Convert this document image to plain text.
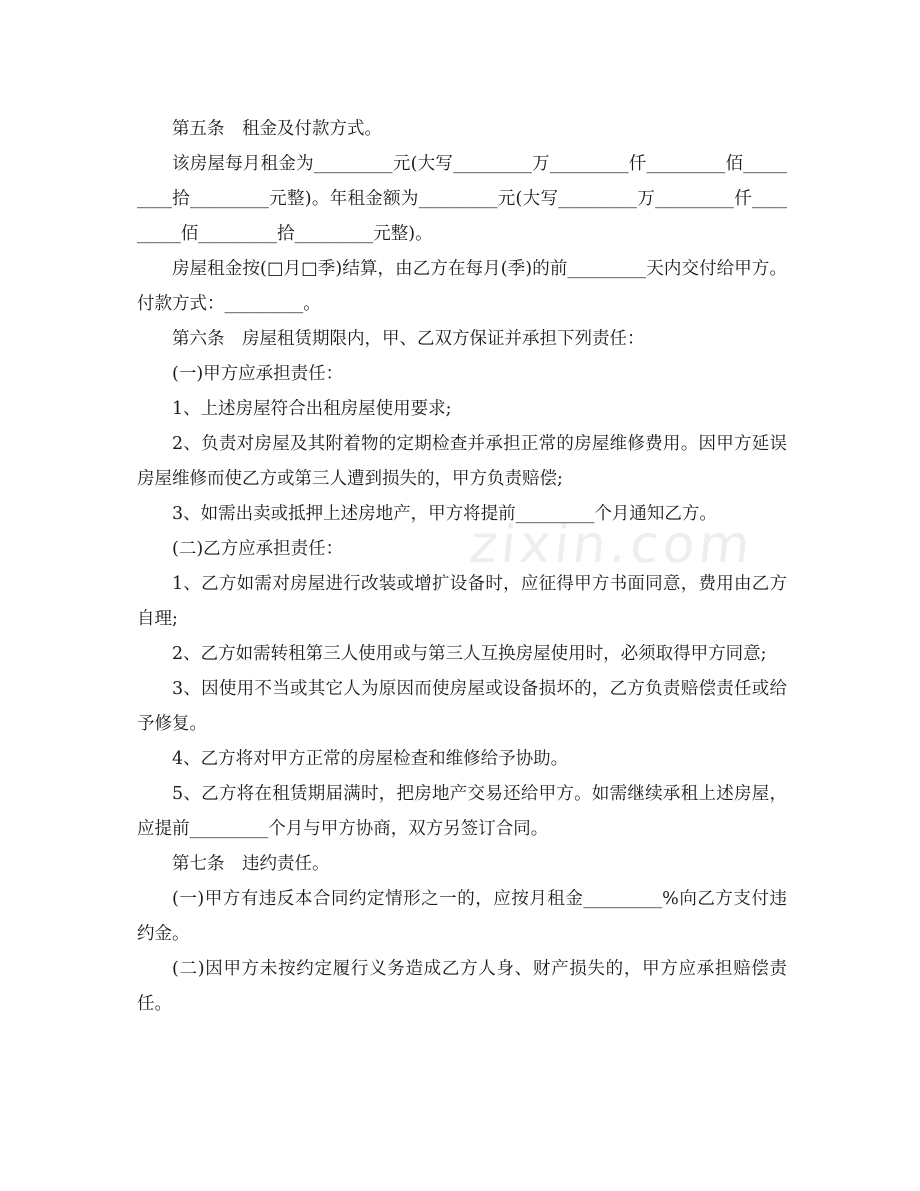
第五条　租金及付款方式。

该房屋每月租金为_________元(大写_________万_________仟_________佰_________拾_________元整)。年租金额为_________元(大写_________万_________仟_________佰_________拾_________元整)。

房屋租金按(□月□季)结算，由乙方在每月(季)的前_________天内交付给甲方。付款方式：_________。

第六条　房屋租赁期限内，甲、乙双方保证并承担下列责任：

(一)甲方应承担责任：

1、上述房屋符合出租房屋使用要求;

2、负责对房屋及其附着物的定期检查并承担正常的房屋维修费用。因甲方延误房屋维修而使乙方或第三人遭到损失的，甲方负责赔偿;

3、如需出卖或抵押上述房地产，甲方将提前_________个月通知乙方。

(二)乙方应承担责任：

1、乙方如需对房屋进行改装或增扩设备时，应征得甲方书面同意，费用由乙方自理;

2、乙方如需转租第三人使用或与第三人互换房屋使用时，必须取得甲方同意;

3、因使用不当或其它人为原因而使房屋或设备损坏的，乙方负责赔偿责任或给予修复。

4、乙方将对甲方正常的房屋检查和维修给予协助。

5、乙方将在租赁期届满时，把房地产交易还给甲方。如需继续承租上述房屋，应提前_________个月与甲方协商，双方另签订合同。

第七条　违约责任。

(一)甲方有违反本合同约定情形之一的，应按月租金_________%向乙方支付违约金。

(二)因甲方未按约定履行义务造成乙方人身、财产损失的，甲方应承担赔偿责任。

zixin.com
